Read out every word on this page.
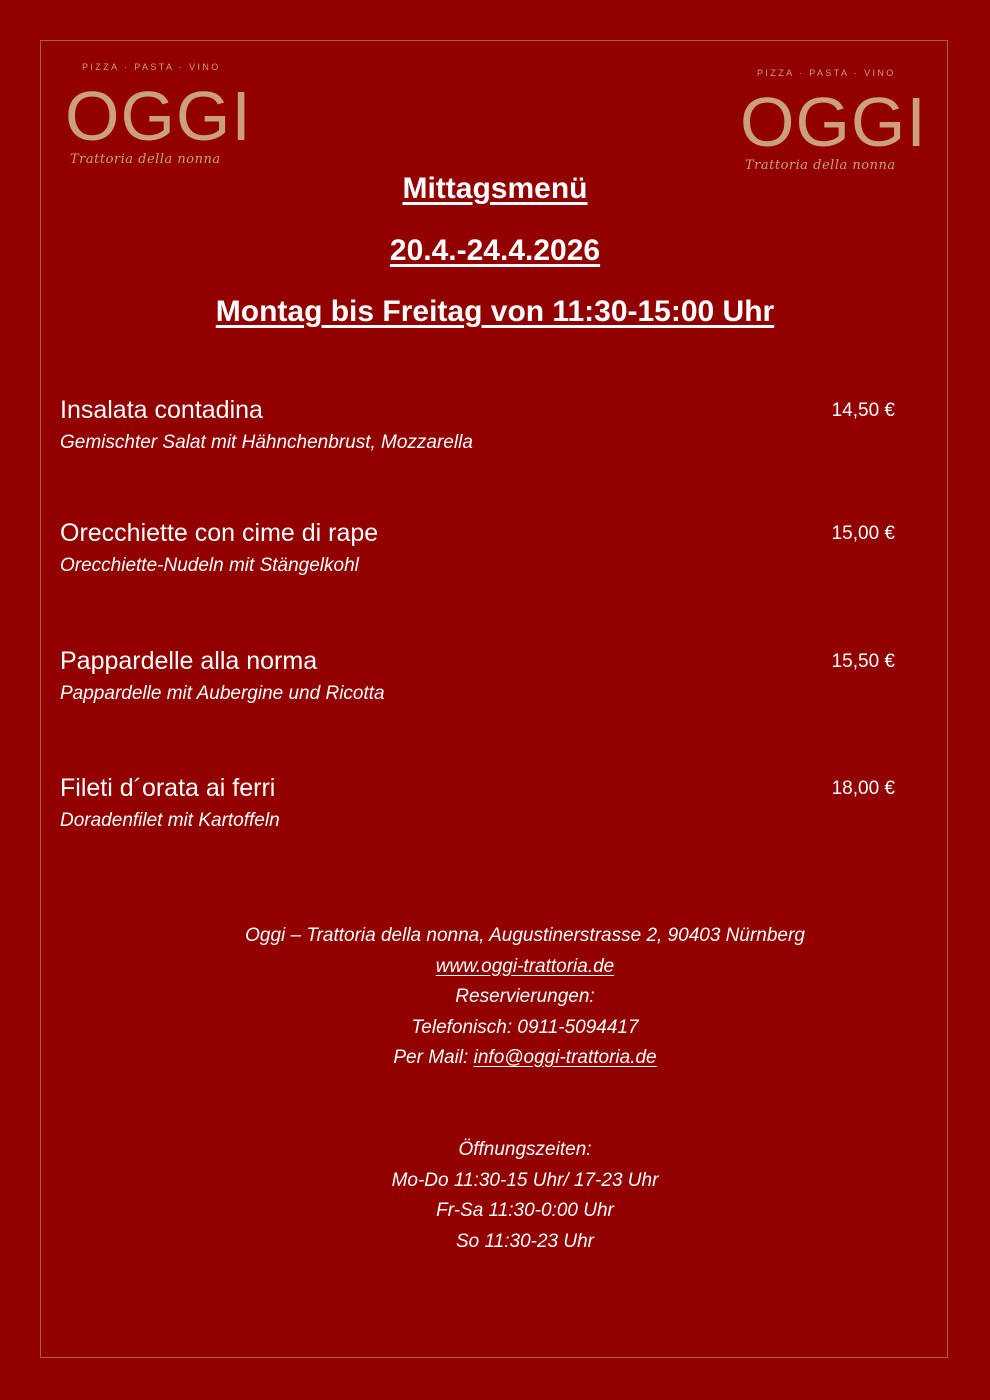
PIZZA · PASTA · VINO
OGGI
Trattoria della nonna
PIZZA · PASTA · VINO
OGGI
Trattoria della nonna
Mittagsmenü
20.4.-24.4.2026
Montag bis Freitag von 11:30-15:00 Uhr
Insalata contadina	14,50 €
Gemischter Salat mit Hähnchenbrust, Mozzarella
Orecchiette con cime di rape	15,00 €
Orecchiette-Nudeln mit Stängelkohl
Pappardelle alla norma	15,50 €
Pappardelle mit Aubergine und Ricotta
Fileti d´orata ai ferri	18,00 €
Doradenfilet mit Kartoffeln
Oggi – Trattoria della nonna, Augustinerstrasse 2, 90403 Nürnberg
www.oggi-trattoria.de
Reservierungen:
Telefonisch: 0911-5094417
Per Mail: info@oggi-trattoria.de
Öffnungszeiten:
Mo-Do 11:30-15 Uhr/ 17-23 Uhr
Fr-Sa 11:30-0:00 Uhr
So 11:30-23 Uhr
